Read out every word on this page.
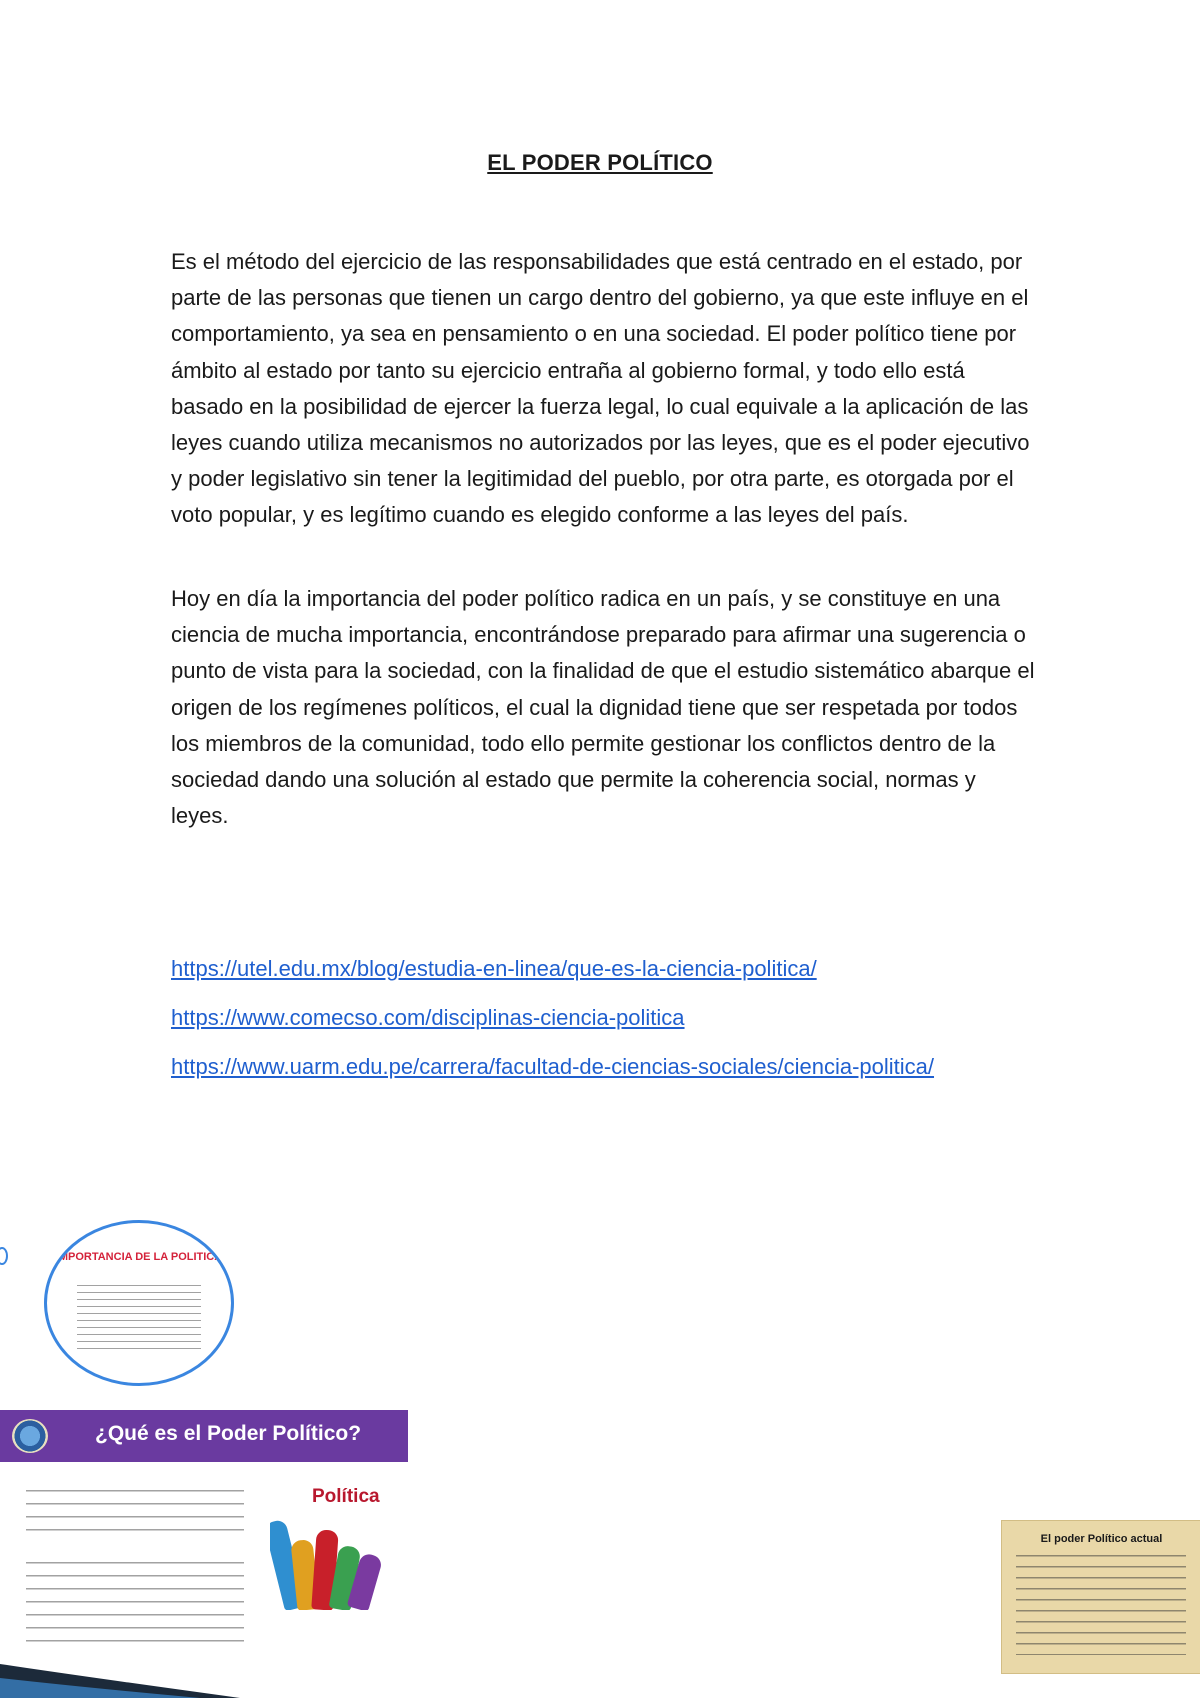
EL PODER POLÍTICO
Es el método del ejercicio de las responsabilidades que está centrado en el estado, por parte de las personas que tienen un cargo dentro del gobierno, ya que este influye en el comportamiento, ya sea en pensamiento o en una sociedad. El poder político tiene por ámbito al estado por tanto su ejercicio entraña al gobierno formal, y todo ello está basado en la posibilidad de ejercer la fuerza legal, lo cual equivale a la aplicación de las leyes cuando utiliza mecanismos no autorizados por las leyes, que es el poder ejecutivo y poder legislativo sin tener la legitimidad del pueblo, por otra parte, es otorgada por el voto popular, y es legítimo cuando es elegido conforme a las leyes del país.
Hoy en día la importancia del poder político radica en un país, y se constituye en una ciencia de mucha importancia, encontrándose preparado para afirmar una sugerencia o punto de vista para la sociedad, con la finalidad de que el estudio sistemático abarque el origen de los regímenes políticos, el cual la dignidad tiene que ser respetada por todos los miembros de la comunidad, todo ello permite gestionar los conflictos dentro de la sociedad dando una solución al estado que permite la coherencia social, normas y leyes.
https://utel.edu.mx/blog/estudia-en-linea/que-es-la-ciencia-politica/
https://www.comecso.com/disciplinas-ciencia-politica
https://www.uarm.edu.pe/carrera/facultad-de-ciencias-sociales/ciencia-politica/
IMPORTANCIA DE LA POLITICA
¿Qué es el Poder Político?
Política
El poder Político actual
